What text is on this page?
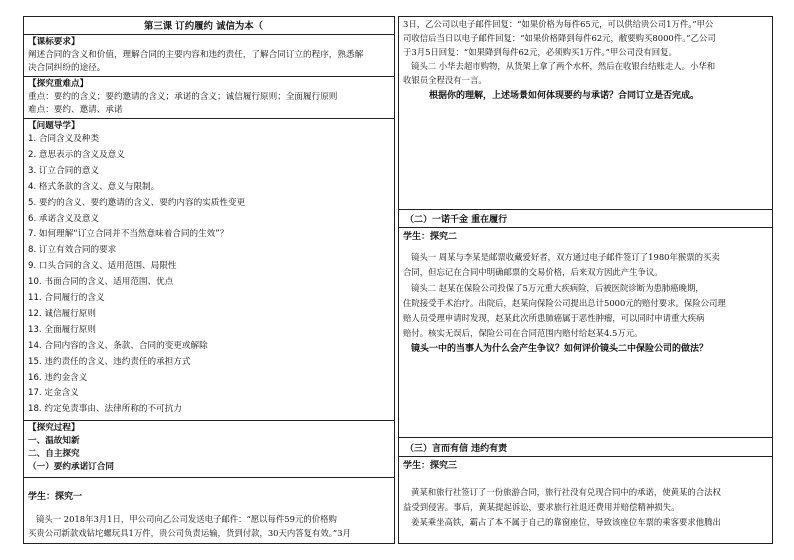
第三课 订约履约 诚信为本（
【课标要求】
阐述合同的含义和价值，理解合同的主要内容和违约责任，了解合同订立的程序，熟悉解
决合同纠纷的途径。
【探究重难点】
重点：要约的含义；要约邀请的含义；承诺的含义；诚信履行原则；全面履行原则
难点：要约、邀请、承诺
【问题导学】
1. 合同含义及种类
2. 意思表示的含义及意义
3. 订立合同的意义
4. 格式条款的含义、意义与限制。
5. 要约的含义、要约邀请的含义、要约内容的实质性变更
6. 承诺含义及意义
7. 如何理解“订立合同并不当然意味着合同的生效”？
8. 订立有效合同的要求
9. 口头合同的含义、适用范围、局限性
10. 书面合同的含义、适用范围、优点
11. 合同履行的含义
12. 诚信履行原则
13. 全面履行原则
14. 合同内容的含义、条款、合同的变更或解除
15. 违约责任的含义、违约责任的承担方式
16. 违约金含义
17. 定金含义
18. 约定免责事由、法律所称的不可抗力
【探究过程】
一、温故知新
二、自主探究
（一）要约承诺订合同
学生：探究一
镜头一 2018年3月1日，甲公司向乙公司发送电子邮件：“愿以每件59元的价格购
买贵公司新款戏钻坨螺玩具1万件，贵公司负责运输，货到付款，30天内答复有效。”3月
3日，乙公司以电子邮件回复：“如果价格为每件65元，可以供给贵公司1万件。”甲公
司收信后当日以电子邮件回复：“如果价格降到每件62元，敝要购买8000件。”乙公司
于3月5日回复：“如果降到每件62元，必须购买1万件。”甲公司没有回复。
镜头二 小华去超市购物，从货架上拿了两个水杯，然后在收银台结账走人。小华和
收银员全程没有一言。
根据你的理解，上述场景如何体现要约与承诺？合同订立是否完成。
（二）一诺千金 重在履行
学生：探究二
镜头一 周某与李某是邮票收藏爱好者，双方通过电子邮件签订了1980年猴票的买卖
合同，但忘记在合同中明确邮票的交易价格，后来双方因此产生争议。
镜头二 赵某在保险公司投保了5万元重大疾病险，后被医院诊断为患肺癌晚期，
住院接受手术治疗。出院后，赵某向保险公司提出总计5000元的赔付要求。保险公司理
赔人员受理申请时发现，赵某此次所患肺癌属于恶性肿瘤，可以同时申请重大疾病
赔付。核实无误后，保险公司在合同范围内赔付给赵某4.5万元。
镜头一中的当事人为什么会产生争议？如何评价镜头二中保险公司的做法？
（三）言而有信 违约有责
学生：探究三
黄某和旅行社签订了一份旅游合同，旅行社没有兑现合同中的承诺，使黄某的合法权
益受到侵害。事后，黄某提起诉讼，要求旅行社退还费用并赔偿精神损失。
姜某乘坐高铁，霸占了本不属于自己的靠窗座位，导致该座位车票的乘客要求他腾出
